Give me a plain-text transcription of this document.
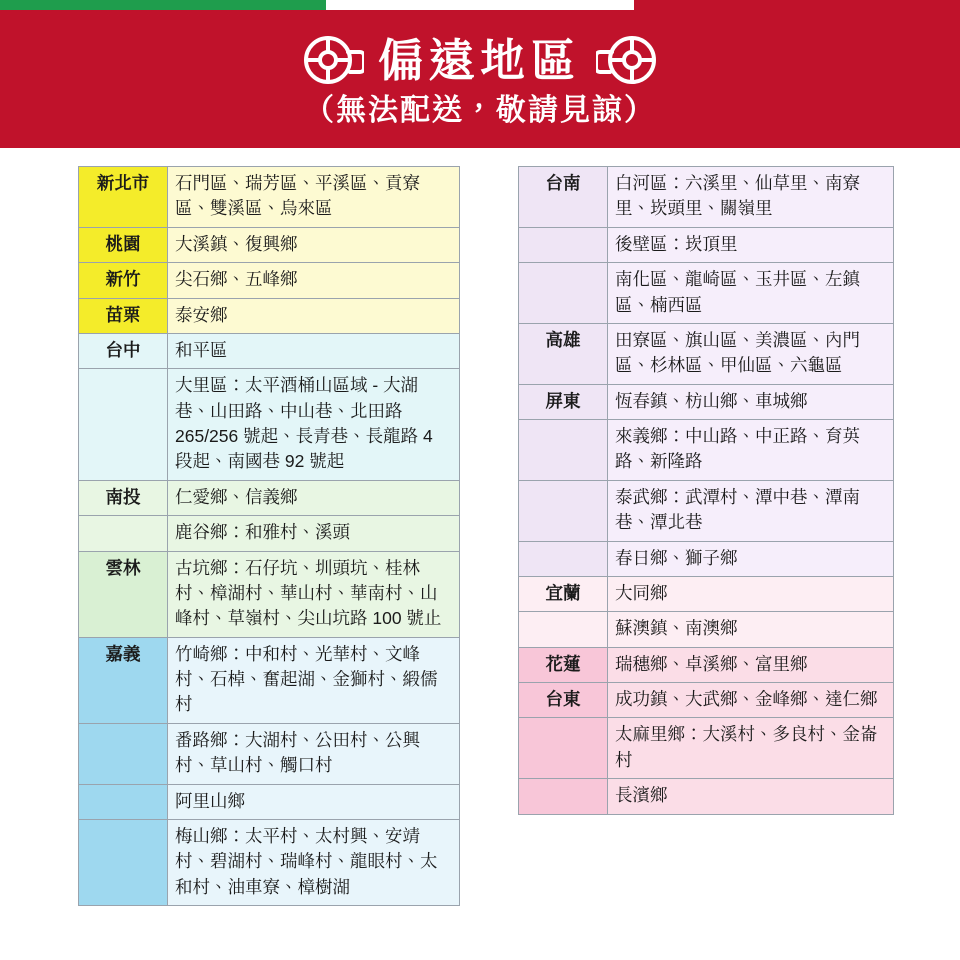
偏遠地區
（無法配送，敬請見諒）
新北市	石門區、瑞芳區、平溪區、貢寮區、雙溪區、烏來區
桃園	大溪鎮、復興鄉
新竹	尖石鄉、五峰鄉
苗栗	泰安鄉
台中	和平區
	大里區：太平酒桶山區域 - 大湖巷、山田路、中山巷、北田路 265/256 號起、長青巷、長龍路 4 段起、南國巷 92 號起
南投	仁愛鄉、信義鄉
	鹿谷鄉：和雅村、溪頭
雲林	古坑鄉：石仔坑、圳頭坑、桂林村、樟湖村、華山村、華南村、山峰村、草嶺村、尖山坑路 100 號止
嘉義	竹崎鄉：中和村、光華村、文峰村、石棹、奮起湖、金獅村、緞儒村
	番路鄉：大湖村、公田村、公興村、草山村、觸口村
	阿里山鄉
	梅山鄉：太平村、太村興、安靖村、碧湖村、瑞峰村、龍眼村、太和村、油車寮、樟樹湖
台南	白河區：六溪里、仙草里、南寮里、崁頭里、關嶺里
	後壁區：崁頂里
	南化區、龍崎區、玉井區、左鎮區、楠西區
高雄	田寮區、旗山區、美濃區、內門區、杉林區、甲仙區、六龜區
屏東	恆春鎮、枋山鄉、車城鄉
	來義鄉：中山路、中正路、育英路、新隆路
	泰武鄉：武潭村、潭中巷、潭南巷、潭北巷
	春日鄉、獅子鄉
宜蘭	大同鄉
	蘇澳鎮、南澳鄉
花蓮	瑞穗鄉、卓溪鄉、富里鄉
台東	成功鎮、大武鄉、金峰鄉、達仁鄉
	太麻里鄉：大溪村、多良村、金崙村
	長濱鄉
